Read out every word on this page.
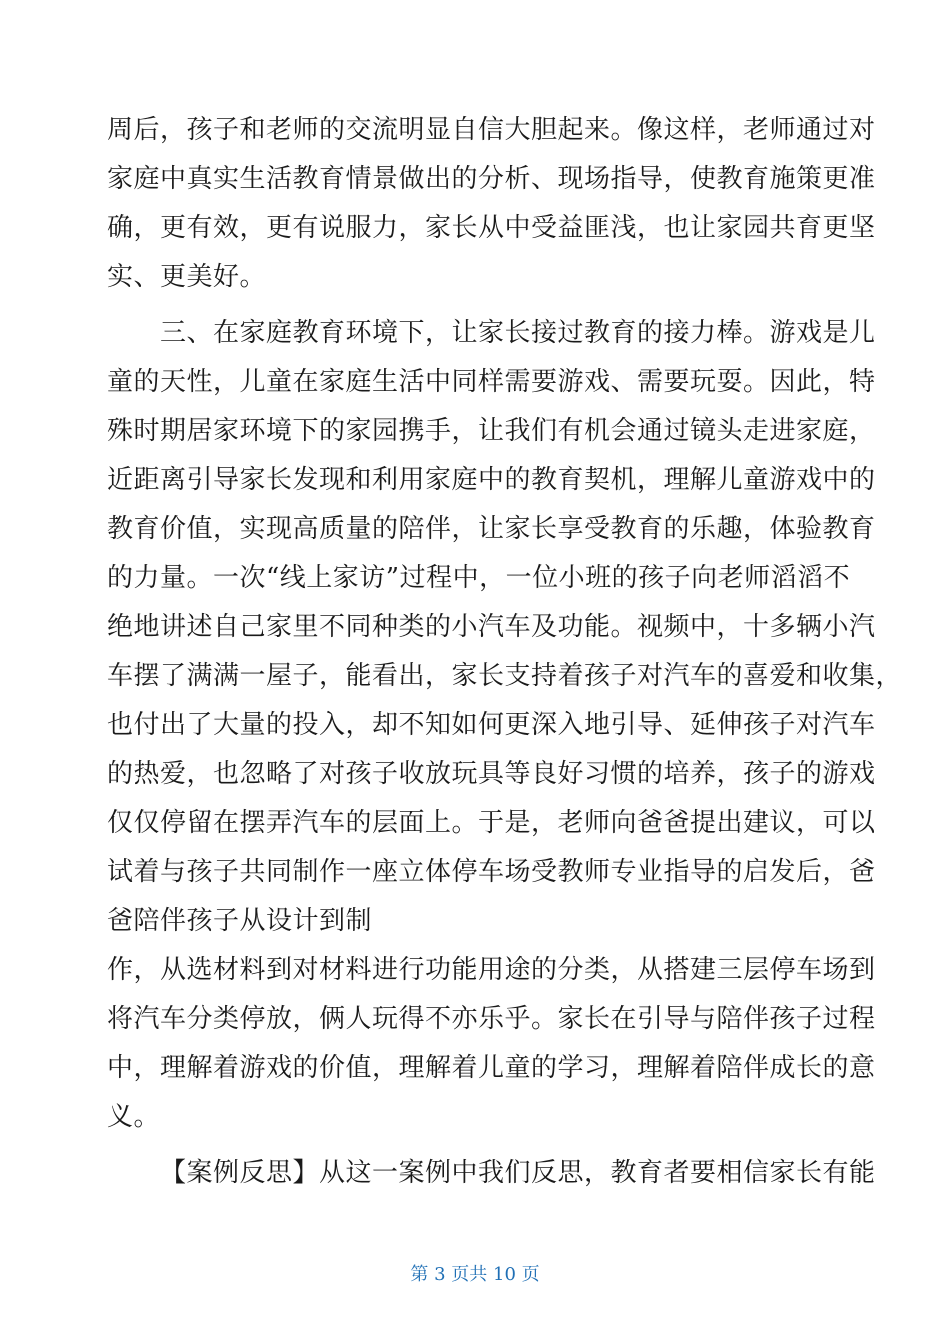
周后，孩子和老师的交流明显自信大胆起来。像这样，老师通过对
家庭中真实生活教育情景做出的分析、现场指导，使教育施策更准
确，更有效，更有说服力，家长从中受益匪浅，也让家园共育更坚
实、更美好。
三、在家庭教育环境下，让家长接过教育的接力棒。游戏是儿
童的天性，儿童在家庭生活中同样需要游戏、需要玩耍。因此，特
殊时期居家环境下的家园携手，让我们有机会通过镜头走进家庭，
近距离引导家长发现和利用家庭中的教育契机，理解儿童游戏中的
教育价值，实现高质量的陪伴，让家长享受教育的乐趣，体验教育
的力量。一次“线上家访”过程中，一位小班的孩子向老师滔滔不
绝地讲述自己家里不同种类的小汽车及功能。视频中，十多辆小汽
车摆了满满一屋子，能看出，家长支持着孩子对汽车的喜爱和收集，
也付出了大量的投入，却不知如何更深入地引导、延伸孩子对汽车
的热爱，也忽略了对孩子收放玩具等良好习惯的培养，孩子的游戏
仅仅停留在摆弄汽车的层面上。于是，老师向爸爸提出建议，可以
试着与孩子共同制作一座立体停车场受教师专业指导的启发后，爸
爸陪伴孩子从设计到制
作，从选材料到对材料进行功能用途的分类，从搭建三层停车场到
将汽车分类停放，俩人玩得不亦乐乎。家长在引导与陪伴孩子过程
中，理解着游戏的价值，理解着儿童的学习，理解着陪伴成长的意
义。
【案例反思】从这一案例中我们反思，教育者要相信家长有能
第 3 页共 10 页
